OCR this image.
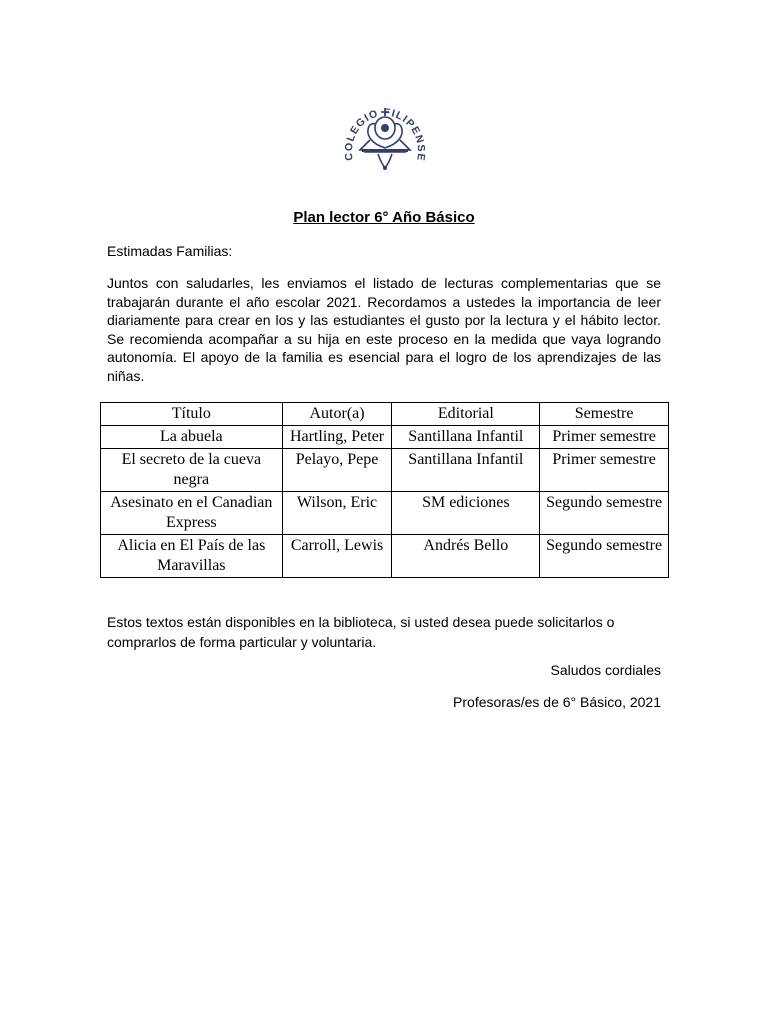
COLEGIO FILIPENSE
Plan lector 6° Año Básico
Estimadas Familias:

Juntos con saludarles, les enviamos el listado de lecturas complementarias que se trabajarán durante el año escolar 2021. Recordamos a ustedes la importancia de leer diariamente para crear en los y las estudiantes el gusto por la lectura y el hábito lector. Se recomienda acompañar a su hija en este proceso en la medida que vaya logrando autonomía. El apoyo de la familia es esencial para el logro de los aprendizajes de las niñas.

Título	Autor(a)	Editorial	Semestre
La abuela	Hartling, Peter	Santillana Infantil	Primer semestre
El secreto de la cueva negra	Pelayo, Pepe	Santillana Infantil	Primer semestre
Asesinato en el Canadian Express	Wilson, Eric	SM ediciones	Segundo semestre
Alicia en El País de las Maravillas	Carroll, Lewis	Andrés Bello	Segundo semestre

Estos textos están disponibles en la biblioteca, si usted desea puede solicitarlos o comprarlos de forma particular y voluntaria.

Saludos cordiales
Profesoras/es de 6° Básico, 2021
